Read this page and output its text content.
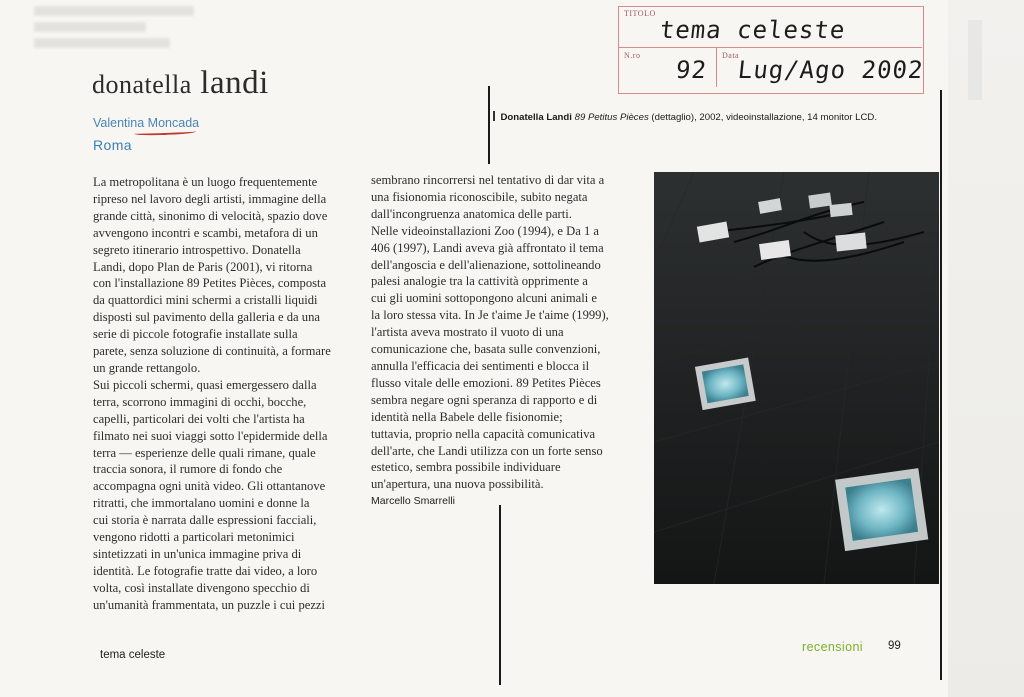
TITOLO
N.ro	Data
tema celeste
92 Lug/Ago 2002
donatella landi
Valentina Moncada
Roma
Donatella Landi 89 Petitus Pièces (dettaglio), 2002, videoinstallazione, 14 monitor LCD.

La metropolitana è un luogo frequentemente

ripreso nel lavoro degli artisti, immagine della

grande città, sinonimo di velocità, spazio dove

avvengono incontri e scambi, metafora di un

segreto itinerario introspettivo. Donatella

Landi, dopo Plan de Paris (2001), vi ritorna

con l'installazione 89 Petites Pièces, composta

da quattordici mini schermi a cristalli liquidi

disposti sul pavimento della galleria e da una

serie di piccole fotografie installate sulla

parete, senza soluzione di continuità, a formare

un grande rettangolo.

Sui piccoli schermi, quasi emergessero dalla

terra, scorrono immagini di occhi, bocche,

capelli, particolari dei volti che l'artista ha

filmato nei suoi viaggi sotto l'epidermide della

terra — esperienze delle quali rimane, quale

traccia sonora, il rumore di fondo che

accompagna ogni unità video. Gli ottantanove

ritratti, che immortalano uomini e donne la

cui storia è narrata dalle espressioni facciali,

vengono ridotti a particolari metonimici

sintetizzati in un'unica immagine priva di

identità. Le fotografie tratte dai video, a loro

volta, così installate divengono specchio di

un'umanità frammentata, un puzzle i cui pezzi

sembrano rincorrersi nel tentativo di dar vita a

una fisionomia riconoscibile, subito negata

dall'incongruenza anatomica delle parti.

Nelle videoinstallazioni Zoo (1994), e Da 1 a

406 (1997), Landi aveva già affrontato il tema

dell'angoscia e dell'alienazione, sottolineando

palesi analogie tra la cattività opprimente a

cui gli uomini sottopongono alcuni animali e

la loro stessa vita. In Je t'aime Je t'aime (1999),

l'artista aveva mostrato il vuoto di una

comunicazione che, basata sulle convenzioni,

annulla l'efficacia dei sentimenti e blocca il

flusso vitale delle emozioni. 89 Petites Pièces

sembra negare ogni speranza di rapporto e di

identità nella Babele delle fisionomie;

tuttavia, proprio nella capacità comunicativa

dell'arte, che Landi utilizza con un forte senso

estetico, sembra possibile individuare

un'apertura, una nuova possibilità.

Marcello Smarrelli

tema celeste
recensioni 99
